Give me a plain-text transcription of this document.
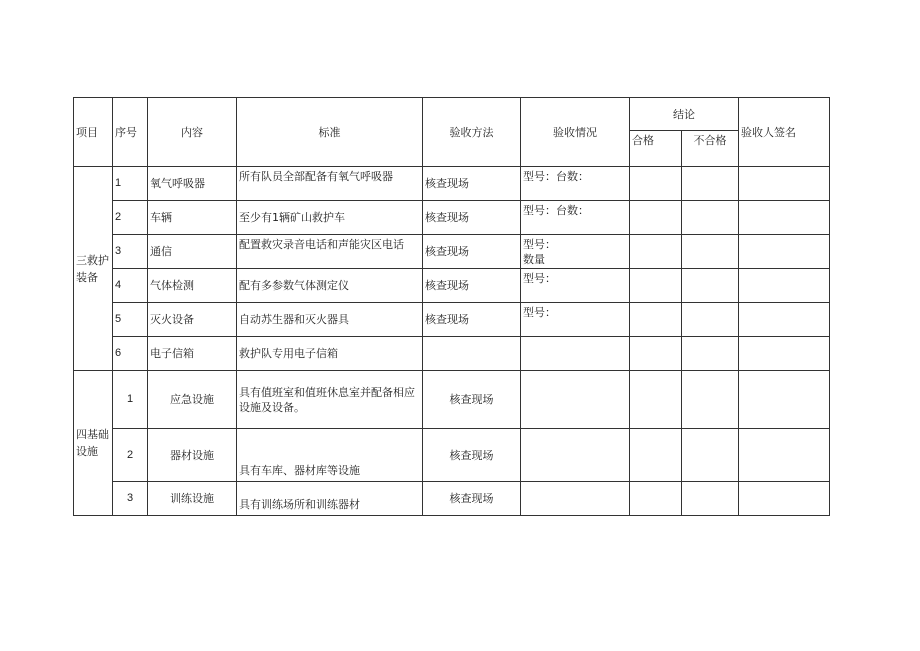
项目	序号	内容	标准	验收方法	验收情况	结论		验收人签名
						合格	不合格	
三救护装备	1	氧气呼吸器	所有队员全部配备有氧气呼吸器	核查现场	型号：台数：			
	2	车辆	至少有1辆矿山救护车	核查现场	型号：台数：			
	3	通信	配置救灾录音电话和声能灾区电话	核查现场	型号：
数量			

	4	气体检测	配有多参数气体测定仪	核查现场	型号：			
	5	灭火设备	自动苏生器和灭火器具	核查现场	型号：			
	6	电子信箱	救护队专用电子信箱					
四基础设施	1	应急设施	具有值班室和值班休息室并配备相应设施及设备。	核查现场				
	2	器材设施	具有车库、器材库等设施	核查现场				
	3	训练设施	具有训练场所和训练器材	核查现场				
